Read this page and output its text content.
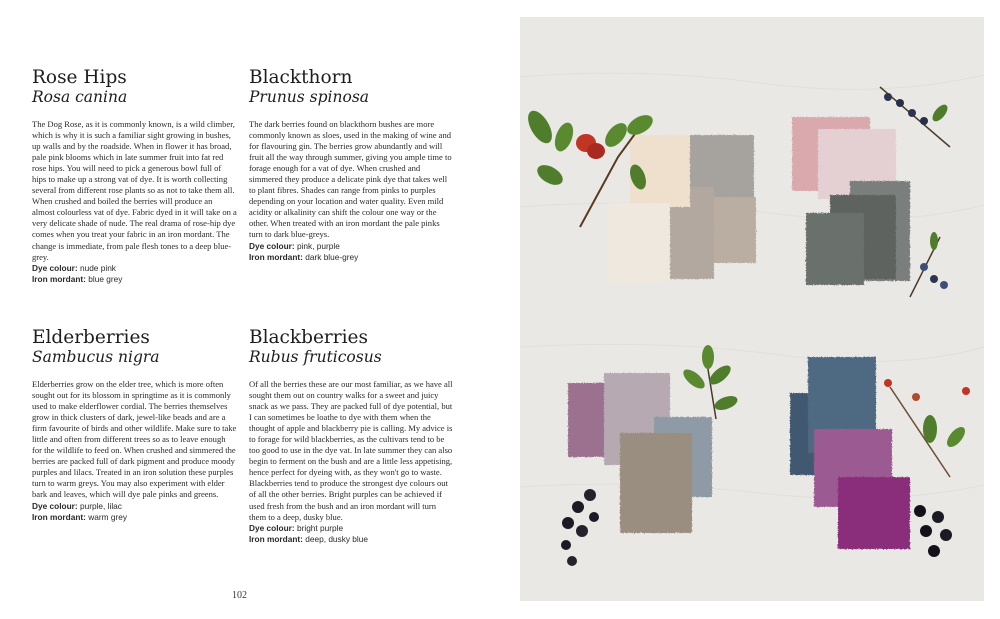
Rose Hips
Rosa canina

The Dog Rose, as it is commonly known, is a wild climber, which is why it is such a familiar sight growing in bushes, up walls and by the roadside. When in flower it has broad, pale pink blooms which in late summer fruit into fat red rose hips. You will need to pick a generous bowl full of hips to make up a strong vat of dye. It is worth collecting several from different rose plants so as not to take them all. When crushed and boiled the berries will produce an almost colourless vat of dye. Fabric dyed in it will take on a very delicate shade of nude. The real drama of rose-hip dye comes when you treat your fabric in an iron mordant. The change is immediate, from pale flesh tones to a deep blue-grey.

Dye colour: nude pink
Iron mordant: blue grey
Blackthorn
Prunus spinosa

The dark berries found on blackthorn bushes are more commonly known as sloes, used in the making of wine and for flavouring gin. The berries grow abundantly and will fruit all the way through summer, giving you ample time to forage enough for a vat of dye. When crushed and simmered they produce a delicate pink dye that takes well to plant fibres. Shades can range from pinks to purples depending on your location and water quality. Even mild acidity or alkalinity can shift the colour one way or the other. When treated with an iron mordant the pale pinks turn to dark blue-greys.

Dye colour: pink, purple
Iron mordant: dark blue-grey
Elderberries
Sambucus nigra

Elderberries grow on the elder tree, which is more often sought out for its blossom in springtime as it is commonly used to make elderflower cordial. The berries themselves grow in thick clusters of dark, jewel-like beads and are a firm favourite of birds and other wildlife. Make sure to take little and often from different trees so as to leave enough for the wildlife to feed on. When crushed and simmered the berries are packed full of dark pigment and produce moody purples and lilacs. Treated in an iron solution these purples turn to warm greys. You may also experiment with elder bark and leaves, which will dye pale pinks and greens.

Dye colour: purple, lilac
Iron mordant: warm grey
Blackberries
Rubus fruticosus

Of all the berries these are our most familiar, as we have all sought them out on country walks for a sweet and juicy snack as we pass. They are packed full of dye potential, but I can sometimes be loathe to dye with them when the thought of apple and blackberry pie is calling. My advice is to forage for wild blackberries, as the cultivars tend to be too good to use in the dye vat. In late summer they can also begin to ferment on the bush and are a little less appetising, hence perfect for dyeing with, as they won't go to waste. Blackberries tend to produce the strongest dye colours out of all the other berries. Bright purples can be achieved if used fresh from the bush and an iron mordant will turn them to a deep, dusky blue.

Dye colour: bright purple
Iron mordant: deep, dusky blue
102
